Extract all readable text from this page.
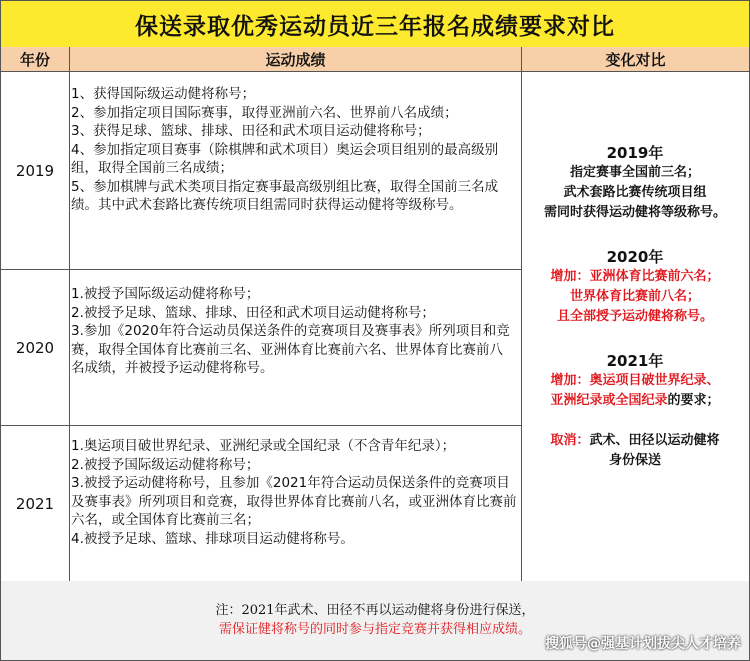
保送录取优秀运动员近三年报名成绩要求对比
年份	运动成绩	变化对比
2019
1、获得国际级运动健将称号；
2、参加指定项目国际赛事，取得亚洲前六名、世界前八名成绩；
3、获得足球、篮球、排球、田径和武术项目运动健将称号；
4、参加指定项目赛事（除棋牌和武术项目）奥运会项目组别的最高级别组，取得全国前三名成绩；
5、参加棋牌与武术类项目指定赛事最高级别组比赛，取得全国前三名成绩。其中武术套路比赛传统项目组需同时获得运动健将等级称号。
2020
1.被授予国际级运动健将称号；
2.被授予足球、篮球、排球、田径和武术项目运动健将称号；
3.参加《2020年符合运动员保送条件的竞赛项目及赛事表》所列项目和竞赛，取得全国体育比赛前三名、亚洲体育比赛前六名、世界体育比赛前八名成绩，并被授予运动健将称号。
2021
1.奥运项目破世界纪录、亚洲纪录或全国纪录（不含青年纪录）；
2.被授予国际级运动健将称号；
3.被授予运动健将称号，且参加《2021年符合运动员保送条件的竞赛项目及赛事表》所列项目和竞赛，取得世界体育比赛前八名，或亚洲体育比赛前六名，或全国体育比赛前三名；
4.被授予足球、篮球、排球项目运动健将称号。
2019年
指定赛事全国前三名；
武术套路比赛传统项目组
需同时获得运动健将等级称号。
2020年
增加：亚洲体育比赛前六名；
世界体育比赛前八名；
且全部授予运动健将称号。
2021年
增加：奥运项目破世界纪录、
亚洲纪录或全国纪录的要求；
取消：武术、田径以运动健将
身份保送
注：2021年武术、田径不再以运动健将身份进行保送，
需保证健将称号的同时参与指定竞赛并获得相应成绩。
搜狐号@强基计划拔尖人才培养
